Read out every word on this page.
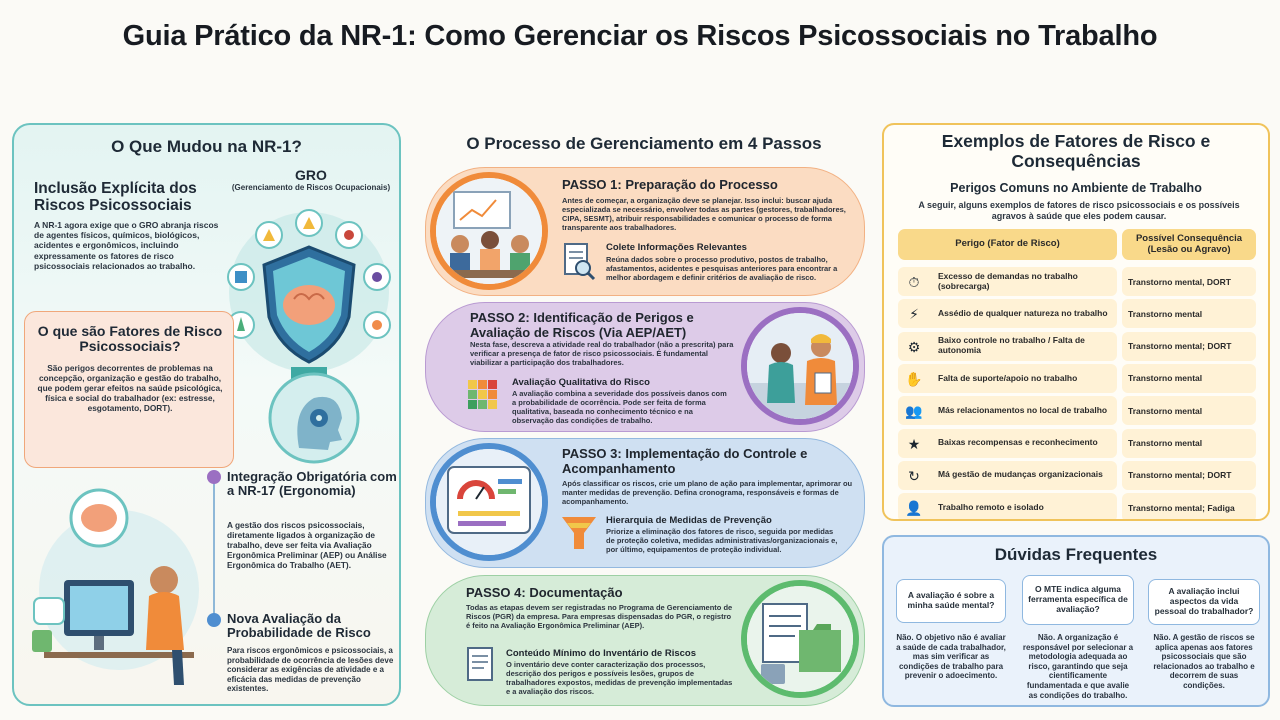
Guia Prático da NR-1: Como Gerenciar os Riscos Psicossociais no Trabalho
O Que Mudou na NR-1?
Inclusão Explícita dos Riscos Psicossociais
A NR-1 agora exige que o GRO abranja riscos de agentes físicos, químicos, biológicos, acidentes e ergonômicos, incluindo expressamente os fatores de risco psicossociais relacionados ao trabalho.
GRO
(Gerenciamento de Riscos Ocupacionais)
O que são Fatores de Risco Psicossociais?
São perigos decorrentes de problemas na concepção, organização e gestão do trabalho, que podem gerar efeitos na saúde psicológica, física e social do trabalhador (ex: estresse, esgotamento, DORT).
Integração Obrigatória com a NR-17 (Ergonomia)
A gestão dos riscos psicossociais, diretamente ligados à organização de trabalho, deve ser feita via Avaliação Ergonômica Preliminar (AEP) ou Análise Ergonômica do Trabalho (AET).
Nova Avaliação da Probabilidade de Risco
Para riscos ergonômicos e psicossociais, a probabilidade de ocorrência de lesões deve considerar as exigências de atividade e a eficácia das medidas de prevenção existentes.
O Processo de Gerenciamento em 4 Passos
PASSO 1: Preparação do Processo
Antes de começar, a organização deve se planejar. Isso inclui: buscar ajuda especializada se necessário, envolver todas as partes (gestores, trabalhadores, CIPA, SESMT), atribuir responsabilidades e comunicar o processo de forma transparente aos trabalhadores.
Colete Informações Relevantes
Reúna dados sobre o processo produtivo, postos de trabalho, afastamentos, acidentes e pesquisas anteriores para encontrar a melhor abordagem e definir critérios de avaliação de risco.
PASSO 2: Identificação de Perigos e Avaliação de Riscos (Via AEP/AET)
Nesta fase, descreva a atividade real do trabalhador (não a prescrita) para verificar a presença de fator de risco psicossociais. É fundamental viabilizar a participação dos trabalhadores.
Avaliação Qualitativa do Risco
A avaliação combina a severidade dos possíveis danos com a probabilidade de ocorrência. Pode ser feita de forma qualitativa, baseada no conhecimento técnico e na observação das condições de trabalho.
PASSO 3: Implementação do Controle e Acompanhamento
Após classificar os riscos, crie um plano de ação para implementar, aprimorar ou manter medidas de prevenção. Defina cronograma, responsáveis e formas de acompanhamento.
Hierarquia de Medidas de Prevenção
Priorize a eliminação dos fatores de risco, seguida por medidas de proteção coletiva, medidas administrativas/organizacionais e, por último, equipamentos de proteção individual.
PASSO 4: Documentação
Todas as etapas devem ser registradas no Programa de Gerenciamento de Riscos (PGR) da empresa. Para empresas dispensadas do PGR, o registro é feito na Avaliação Ergonômica Preliminar (AEP).
Conteúdo Mínimo do Inventário de Riscos
O inventário deve conter caracterização dos processos, descrição dos perigos e possíveis lesões, grupos de trabalhadores expostos, medidas de prevenção implementadas e a avaliação dos riscos.
Exemplos de Fatores de Risco e Consequências
Perigos Comuns no Ambiente de Trabalho
A seguir, alguns exemplos de fatores de risco psicossociais e os possíveis agravos à saúde que eles podem causar.
Perigo (Fator de Risco)	Possível Consequência (Lesão ou Agravo)
⏱	Excesso de demandas no trabalho (sobrecarga)	Transtorno mental, DORT
⚡	Assédio de qualquer natureza no trabalho	Transtorno mental
⚙	Baixo controle no trabalho / Falta de autonomia	Transtorno mental; DORT
✋ Falta de suporte/apoio no trabalho	Transtorno mental
👥 Más relacionamentos no local de trabalho	Transtorno mental
★	Baixas recompensas e reconhecimento	Transtorno mental
↻	Má gestão de mudanças organizacionais	Transtorno mental; DORT
👤 Trabalho remoto e isolado	Transtorno mental; Fadiga
Dúvidas Frequentes
A avaliação é sobre a minha saúde mental?
O MTE indica alguma ferramenta específica de avaliação?
A avaliação inclui aspectos da vida pessoal do trabalhador?
Não. O objetivo não é avaliar a saúde de cada trabalhador, mas sim verificar as condições de trabalho para prevenir o adoecimento.
Não. A organização é responsável por selecionar a metodologia adequada ao risco, garantindo que seja cientificamente fundamentada e que avalie as condições do trabalho.
Não. A gestão de riscos se aplica apenas aos fatores psicossociais que são relacionados ao trabalho e decorrem de suas condições.
